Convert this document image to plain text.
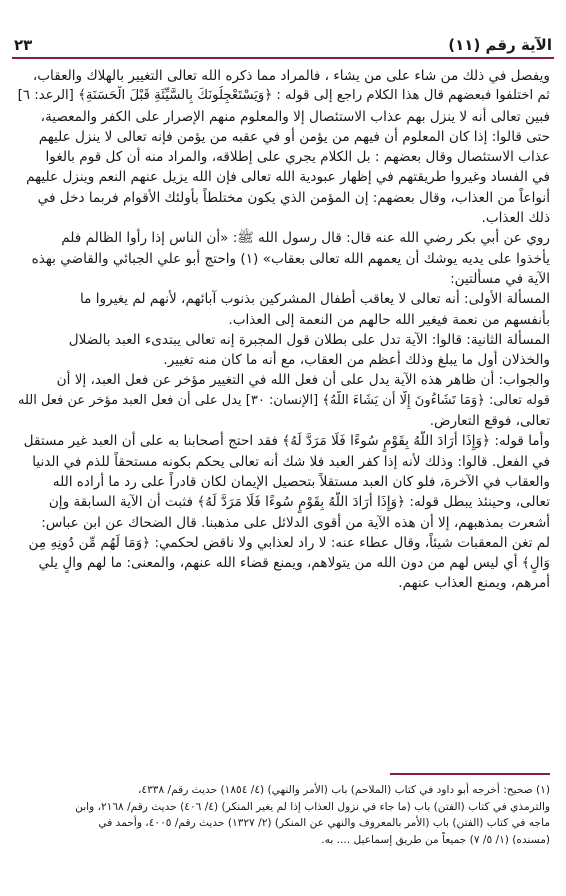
٢٣	الآية رقم (١١)
ويفصل في ذلك من شاء على من يشاء ، فالمراد مما ذكره الله تعالى التغيير بالهلاك والعقاب،
ثم اختلفوا فبعضهم قال هذا الكلام راجع إلى قوله : ﴿وَيَسْتَعْجِلُونَكَ بِالسَّيِّئَةِ قَبْلَ الْحَسَنَةِ﴾ [الرعد: ٦]
فبين تعالى أنه لا ينزل بهم عذاب الاستئصال إلا والمعلوم منهم الإصرار على الكفر والمعصية،
حتى قالوا: إذا كان المعلوم أن فيهم من يؤمن أو في عقبه من يؤمن فإنه تعالى لا ينزل عليهم
عذاب الاستئصال وقال بعضهم : بل الكلام يجري على إطلاقه، والمراد منه أن كل قوم بالغوا
في الفساد وغيروا طريقتهم في إظهار عبودية الله تعالى فإن الله يزيل عنهم النعم وينزل عليهم
أنواعاً من العذاب، وقال بعضهم: إن المؤمن الذي يكون مختلطاً بأولئك الأقوام فربما دخل في
ذلك العذاب.
روي عن أبي بكر رضي الله عنه قال: قال رسول الله ﷺ: «أن الناس إذا رأوا الظالم فلم
يأخذوا على يديه يوشك أن يعمهم الله تعالى بعقاب» (١) واحتج أبو علي الجبائي والقاضي بهذه
الآية في مسألتين:
المسألة الأولى: أنه تعالى لا يعاقب أطفال المشركين بذنوب آبائهم، لأنهم لم يغيروا ما
بأنفسهم من نعمة فيغير الله حالهم من النعمة إلى العذاب.
المسألة الثانية: قالوا: الآية تدل على بطلان قول المجبرة إنه تعالى يبتدىء العبد بالضلال
والخذلان أول ما يبلغ وذلك أعظم من العقاب، مع أنه ما كان منه تغيير.
والجواب: أن ظاهر هذه الآية يدل على أن فعل الله في التغيير مؤخر عن فعل العبد، إلا أن
قوله تعالى: ﴿وَمَا تَشَاءُونَ إِلَّا أَن يَشَاءَ اللَّهُ﴾ [الإنسان: ٣٠] يدل على أن فعل العبد مؤخر عن فعل الله
تعالى، فوقع التعارض.
وأما قوله: ﴿وَإِذَا أَرَادَ اللَّهُ بِقَوْمٍ سُوءًا فَلَا مَرَدَّ لَهُ﴾ فقد احتج أصحابنا به على أن العبد غير مستقل
في الفعل. قالوا: وذلك لأنه إذا كفر العبد فلا شك أنه تعالى يحكم بكونه مستحقاً للذم في الدنيا
والعقاب في الآخرة، فلو كان العبد مستقلاً بتحصيل الإيمان لكان قادراً على رد ما أراده الله
تعالى، وحينئذ يبطل قوله: ﴿وَإِذَا أَرَادَ اللَّهُ بِقَوْمٍ سُوءًا فَلَا مَرَدَّ لَهُ﴾ فثبت أن الآية السابقة وإن
أشعرت بمذهبهم، إلا أن هذه الآية من أقوى الدلائل على مذهبنا. قال الضحاك عن ابن عباس:
لم تغن المعقبات شيئاً، وقال عطاء عنه: لا راد لعذابي ولا ناقض لحكمي: ﴿وَمَا لَهُم مِّن دُونِهِ مِن
وَالٍ﴾ أي ليس لهم من دون الله من يتولاهم، ويمنع قضاء الله عنهم، والمعنى: ما لهم والٍ يلي
أمرهم، ويمنع العذاب عنهم.
(١) صحيح: أخرجه أبو داود في كتاب (الملاحم) باب (الأمر والنهي) (٤/ ١٨٥٤) حديث رقم/ ٤٣٣٨،
والترمذي في كتاب (الفتن) باب (ما جاء في نزول العذاب إذا لم يغير المنكر) (٤/ ٤٠٦) حديث رقم/ ٢١٦٨، وابن
ماجه في كتاب (الفتن) باب (الأمر بالمعروف والنهي عن المنكر) (٢/ ١٣٢٧) حديث رقم/ ٤٠٠٥، وأحمد في
(مسنده) (١/ ٥/ ٧) جميعاً من طريق إسماعيل .... به.
